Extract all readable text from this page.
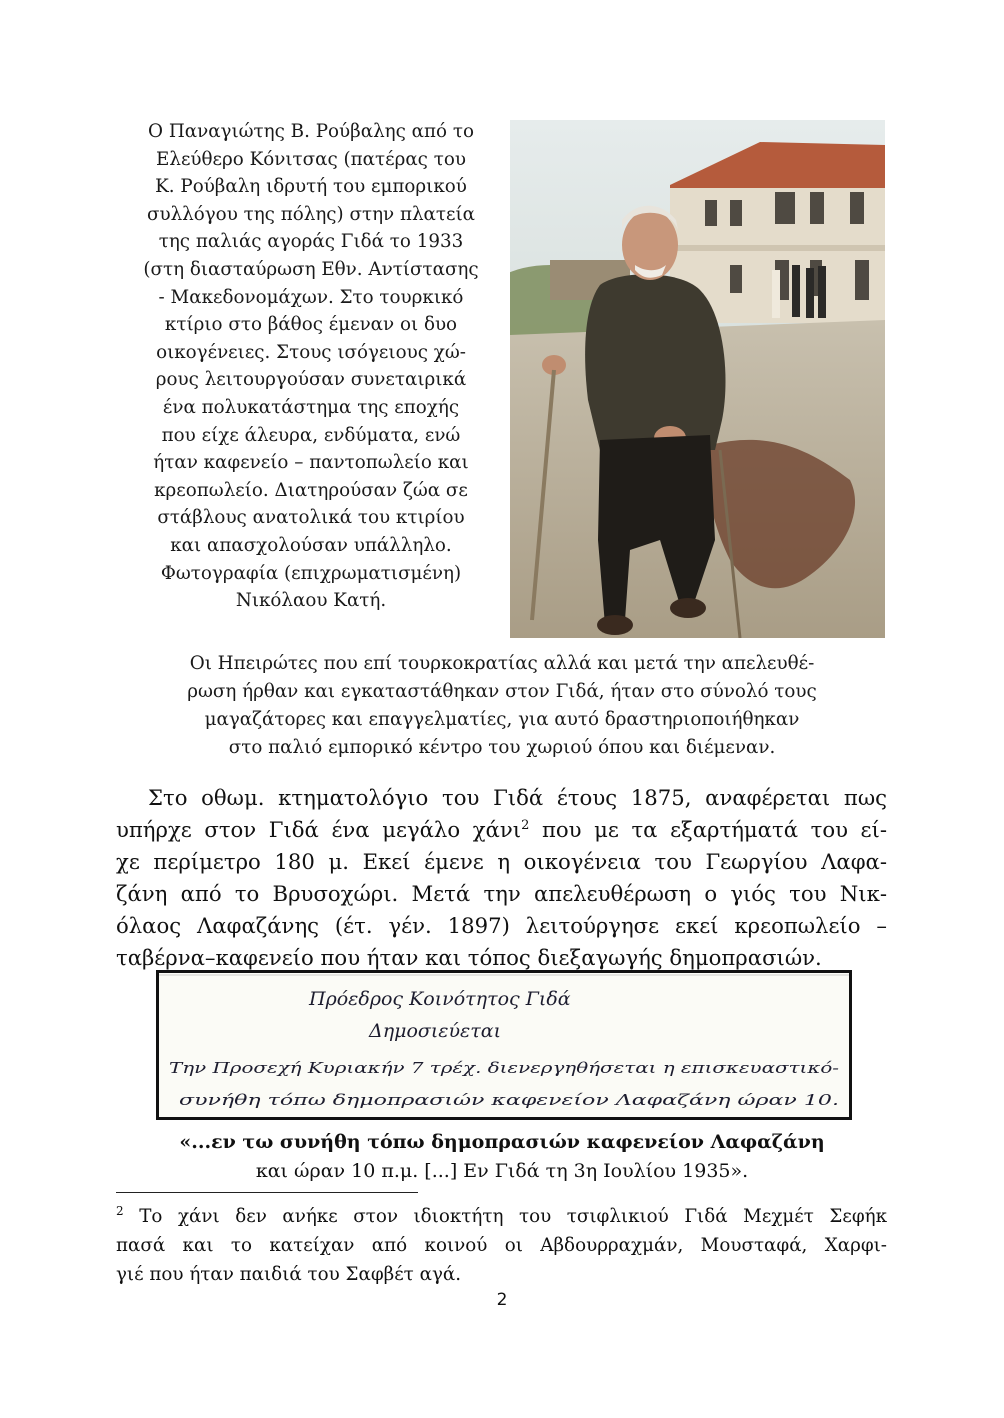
Ο Παναγιώτης Β. Ρούβαλης από το
Ελεύθερο Κόνιτσας (πατέρας του
Κ. Ρούβαλη ιδρυτή του εμπορικού
συλλόγου της πόλης) στην πλατεία
της παλιάς αγοράς Γιδά το 1933
(στη διασταύρωση Εθν. Αντίστασης
- Μακεδονομάχων. Στο τουρκικό
κτίριο στο βάθος έμεναν οι δυο
οικογένειες. Στους ισόγειους χώ-
ρους λειτουργούσαν συνεταιρικά
ένα πολυκατάστημα της εποχής
που είχε άλευρα, ενδύματα, ενώ
ήταν καφενείο – παντοπωλείο και
κρεοπωλείο. Διατηρούσαν ζώα σε
στάβλους ανατολικά του κτιρίου
και απασχολούσαν υπάλληλο.
Φωτογραφία (επιχρωματισμένη)
Νικόλαου Κατή.
Οι Ηπειρώτες που επί τουρκοκρατίας αλλά και μετά την απελευθέ-
ρωση ήρθαν και εγκαταστάθηκαν στον Γιδά, ήταν στο σύνολό τους
μαγαζάτορες και επαγγελματίες, για αυτό δραστηριοποιήθηκαν
στο παλιό εμπορικό κέντρο του χωριού όπου και διέμεναν.
Στο οθωμ. κτηματολόγιο του Γιδά έτους 1875, αναφέρεται πως
υπήρχε στον Γιδά ένα μεγάλο χάνι$^2$ που με τα εξαρτήματά του εί-
χε περίμετρο 180 μ. Εκεί έμενε η οικογένεια του Γεωργίου Λαφα-
ζάνη από το Βρυσοχώρι. Μετά την απελευθέρωση ο γιός του Νικ-
όλαος Λαφαζάνης (έτ. γέν. 1897) λειτούργησε εκεί κρεοπωλείο –
ταβέρνα–καφενείο που ήταν και τόπος διεξαγωγής δημοπρασιών.
Πρόεδρος Κοινότητος Γιδά
Δημοσιεύεται
Την Προσεχή Κυριακήν 7 τρέχ. διενεργηθήσεται η επισκευαστικό-
συνήθη τόπω δημοπρασιών καφενείον Λαφαζάνη ώραν 10.
«...εν τω συνήθη τόπω δημοπρασιών καφενείον Λαφαζάνη
και ώραν 10 π.μ. [...] Εν Γιδά τη 3η Ιουλίου 1935».
$^2$ Το χάνι δεν ανήκε στον ιδιοκτήτη του τσιφλικιού Γιδά Μεχμέτ Σεφήκ
πασά και το κατείχαν από κοινού οι Αβδουρραχμάν, Μουσταφά, Χαρφι-
γιέ που ήταν παιδιά του Σαφβέτ αγά.
2
